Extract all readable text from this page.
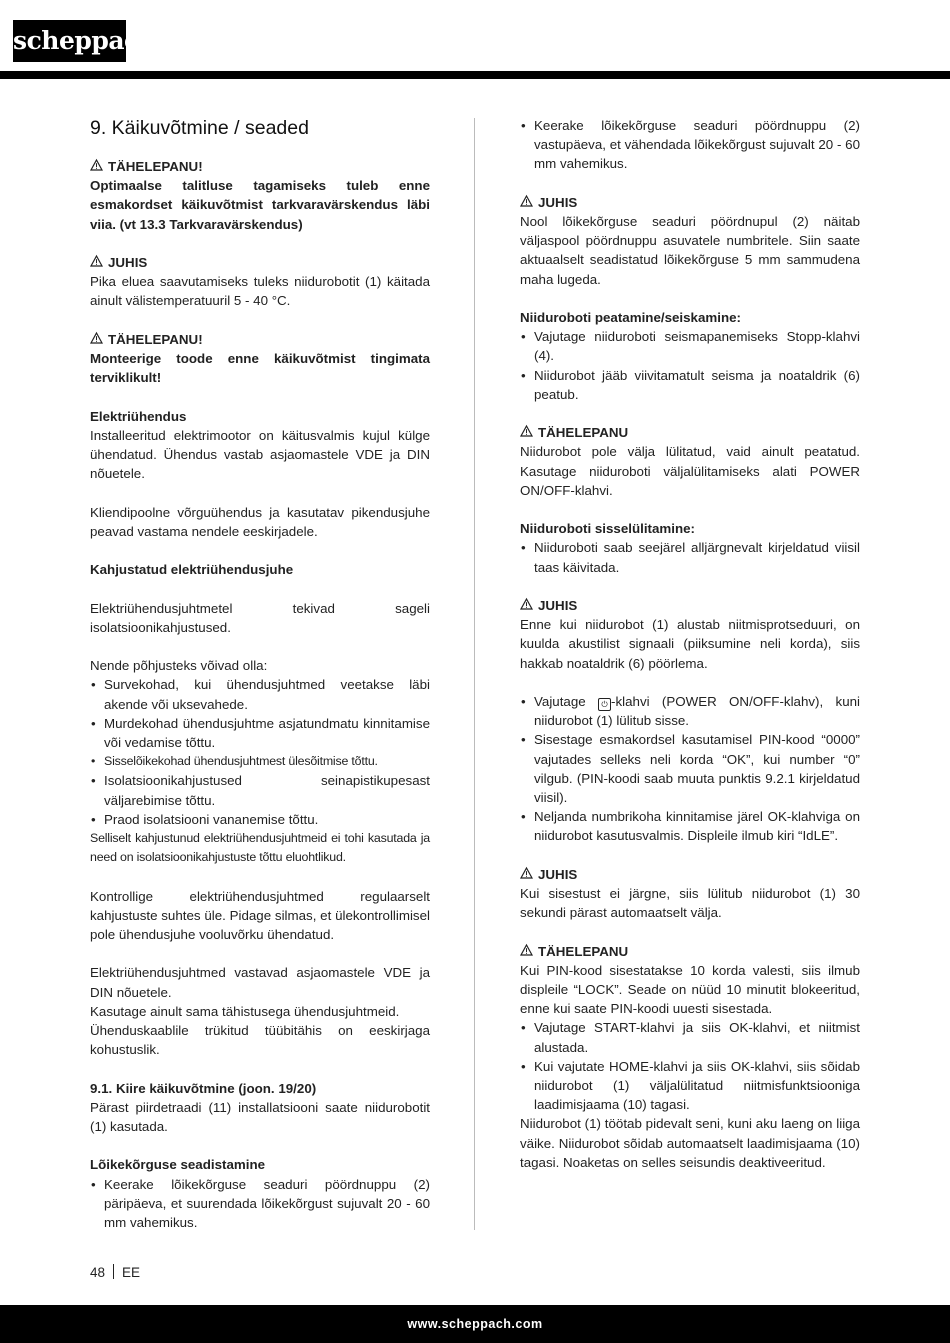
scheppach
9. Käikuvõtmine / seaded

TÄHELEPANU!

Optimaalse talitluse tagamiseks tuleb enne esmakordset käikuvõtmist tarkvaravärskendus läbi viia. (vt 13.3 Tarkvaravärskendus)

JUHIS

Pika eluea saavutamiseks tuleks niidurobotit (1) käitada ainult välistemperatuuril 5 - 40 °C.

TÄHELEPANU!

Monteerige toode enne käikuvõtmist tingimata terviklikult!

Elektriühendus

Installeeritud elektrimootor on käitusvalmis kujul külge ühendatud. Ühendus vastab asjaomastele VDE ja DIN nõuetele.

Kliendipoolne võrguühendus ja kasutatav pikendusjuhe peavad vastama nendele eeskirjadele.

Kahjustatud elektriühendusjuhe

Elektriühendusjuhtmetel tekivad sageli isolatsioonikahjustused.

Nende põhjusteks võivad olla:

• Survekohad, kui ühendusjuhtmed veetakse läbi akende või uksevahede.
• Murdekohad ühendusjuhtme asjatundmatu kinnitamise või vedamise tõttu.
• Sisselõikekohad ühendusjuhtmest ülesõitmise tõttu.
• Isolatsioonikahjustused seinapistikupesast väljarebimise tõttu.
• Praod isolatsiooni vananemise tõttu.

Selliselt kahjustunud elektriühendusjuhtmeid ei tohi kasutada ja need on isolatsioonikahjustuste tõttu eluohtlikud.

Kontrollige elektriühendusjuhtmed regulaarselt kahjustuste suhtes üle. Pidage silmas, et ülekontrollimisel pole ühendusjuhe vooluvõrku ühendatud.

Elektriühendusjuhtmed vastavad asjaomastele VDE ja DIN nõuetele.

Kasutage ainult sama tähistusega ühendusjuhtmeid.

Ühenduskaablile trükitud tüübitähis on eeskirjaga kohustuslik.

9.1. Kiire käikuvõtmine (joon. 19/20)

Pärast piirdetraadi (11) installatsiooni saate niidurobotit (1) kasutada.

Lõikekõrguse seadistamine

• Keerake lõikekõrguse seaduri pöördnuppu (2) päripäeva, et suurendada lõikekõrgust sujuvalt 20 - 60 mm vahemikus.
• Keerake lõikekõrguse seaduri pöördnuppu (2) vastupäeva, et vähendada lõikekõrgust sujuvalt 20 - 60 mm vahemikus.

JUHIS

Nool lõikekõrguse seaduri pöördnupul (2) näitab väljaspool pöördnuppu asuvatele numbritele. Siin saate aktuaalselt seadistatud lõikekõrguse 5 mm sammudena maha lugeda.

Niiduroboti peatamine/seiskamine:

• Vajutage niiduroboti seismapanemiseks Stopp-klahvi (4).
• Niidurobot jääb viivitamatult seisma ja noataldrik (6) peatub.

TÄHELEPANU

Niidurobot pole välja lülitatud, vaid ainult peatatud. Kasutage niiduroboti väljalülitamiseks alati POWER ON/OFF-klahvi.

Niiduroboti sisselülitamine:

• Niiduroboti saab seejärel alljärgnevalt kirjeldatud viisil taas käivitada.

JUHIS

Enne kui niidurobot (1) alustab niitmisprotseduuri, on kuulda akustilist signaali (piiksumine neli korda), siis hakkab noataldrik (6) pöörlema.

• Vajutage ⏻ -klahvi (POWER ON/OFF-klahv), kuni niidurobot (1) lülitub sisse.
• Sisestage esmakordsel kasutamisel PIN-kood “0000” vajutades selleks neli korda “OK”, kui number “0” vilgub. (PIN-koodi saab muuta punktis 9.2.1 kirjeldatud viisil).
• Neljanda numbrikoha kinnitamise järel OK-klahviga on niidurobot kasutusvalmis. Displeile ilmub kiri “IdLE”.

JUHIS

Kui sisestust ei järgne, siis lülitub niidurobot (1) 30 sekundi pärast automaatselt välja.

TÄHELEPANU

Kui PIN-kood sisestatakse 10 korda valesti, siis ilmub displeile “LOCK”. Seade on nüüd 10 minutit blokeeritud, enne kui saate PIN-koodi uuesti sisestada.

• Vajutage START-klahvi ja siis OK-klahvi, et niitmist alustada.
• Kui vajutate HOME-klahvi ja siis OK-klahvi, siis sõidab niidurobot (1) väljalülitatud niitmisfunktsiooniga laadimisjaama (10) tagasi.

Niidurobot (1) töötab pidevalt seni, kuni aku laeng on liiga väike. Niidurobot sõidab automaatselt laadimisjaama (10) tagasi. Noaketas on selles seisundis deaktiveeritud.

48 EE
www.scheppach.com
